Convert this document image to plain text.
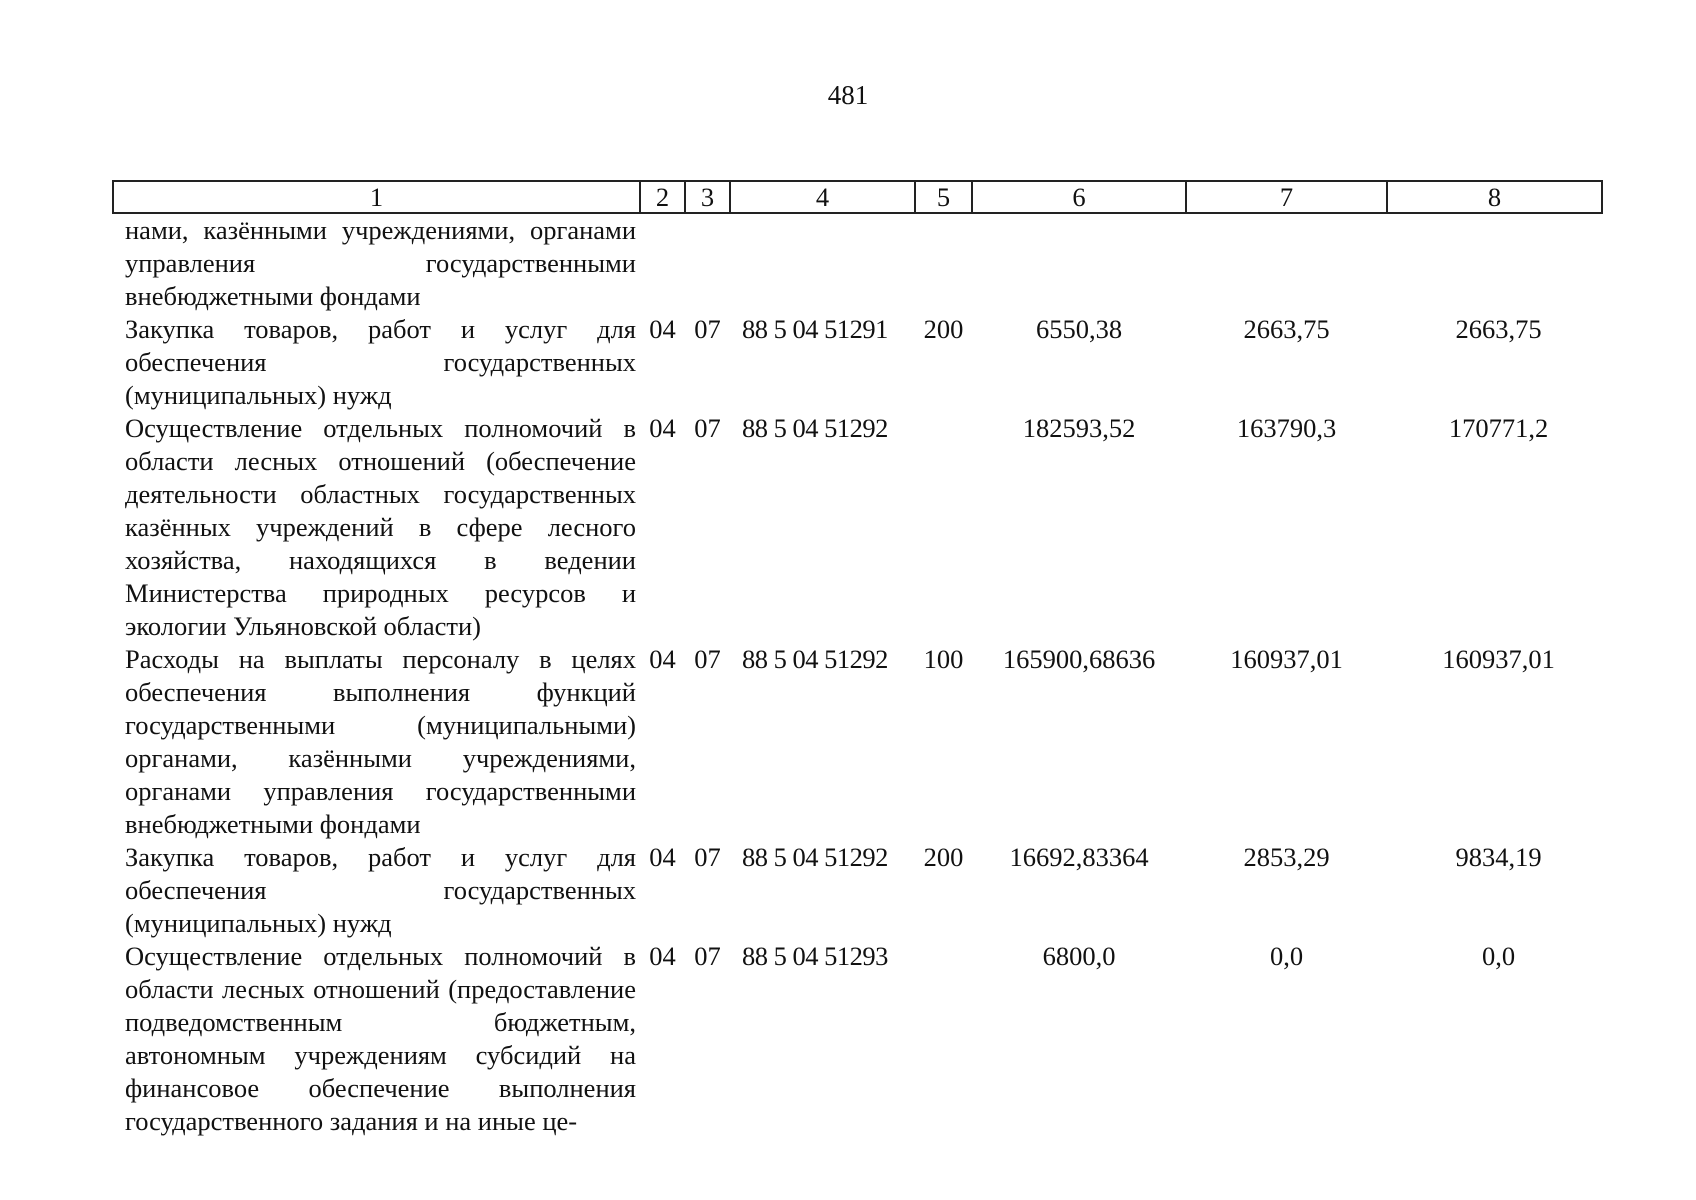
481
1	2	3	4	5	6	7	8
нами, казёнными учреждениями, органами управления государственными внебюджетными фондами							
Закупка товаров, работ и услуг для обеспечения государственных (муниципальных) нужд	04	07	88 5 04 51291	200	6550,38	2663,75	2663,75
Осуществление отдельных полномочий в области лесных отношений (обеспечение деятельности областных государственных казённых учреждений в сфере лесного хозяйства, находящихся в ведении Министерства природных ресурсов и экологии Ульяновской области)	04	07	88 5 04 51292		182593,52	163790,3	170771,2
Расходы на выплаты персоналу в целях обеспечения выполнения функций государственными (муниципальными) органами, казёнными учреждениями, органами управления государственными внебюджетными фондами	04	07	88 5 04 51292	100	165900,68636	160937,01	160937,01
Закупка товаров, работ и услуг для обеспечения государственных (муниципальных) нужд	04	07	88 5 04 51292	200	16692,83364	2853,29	9834,19
Осуществление отдельных полномочий в области лесных отношений (предоставление подведомственным бюджетным, автономным учреждениям субсидий на финансовое обеспечение выполнения государственного задания и на иные це-	04	07	88 5 04 51293		6800,0	0,0	0,0
